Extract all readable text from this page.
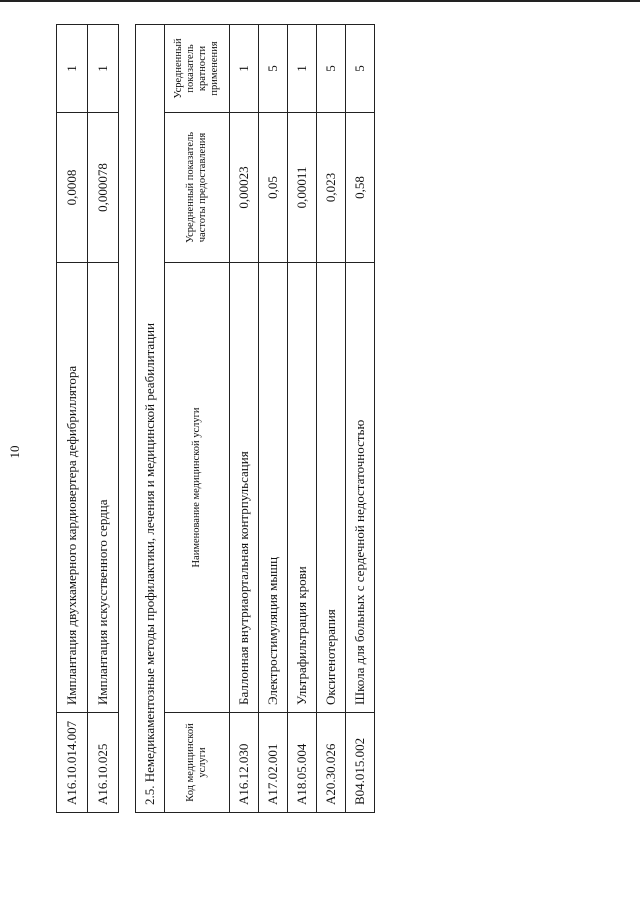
10
A16.10.014.007	Имплантация двухкамерного кардиовертера дефибриллятора	0,0008	1
A16.10.025	Имплантация искусственного сердца	0,000078	1
2.5. Немедикаментозные методы профилактики, лечения и медицинской реабилитации			
Код медицинской услуги	Наименование медицинской услуги	Усредненный показатель частоты предоставления	Усредненный показатель кратности применения
A16.12.030	Баллонная внутриаортальная контрпульсация	0,00023	1
A17.02.001	Электростимуляция мышц	0,05	5
A18.05.004	Ультрафильтрация крови	0,00011	1
A20.30.026	Оксигенотерапия	0,023	5
B04.015.002	Школа для больных с сердечной недостаточностью	0,58	5
